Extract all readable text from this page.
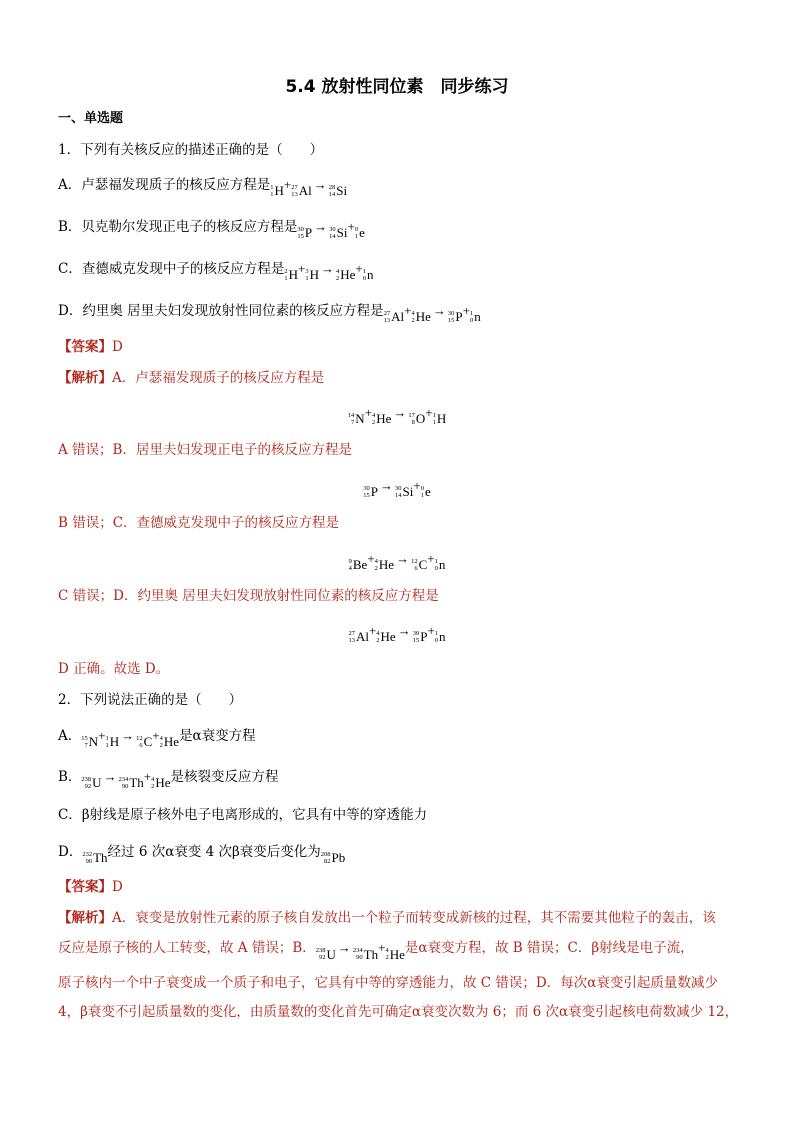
5.4 放射性同位素　同步练习
一、单选题
1．下列有关核反应的描述正确的是（　　）
A．卢瑟福发现质子的核反应方程是 1
1 H + 27
13 Al → 28
14 Si
B．贝克勒尔发现正电子的核反应方程是 30
15 P → 30
14 Si + 0
1 e
C．查德威克发现中子的核反应方程是 2
1 H + 3
1 H → 4
2 He + 1
0 n
D．约里奥 居里夫妇发现放射性同位素的核反应方程是 27
13 Al + 4
2 He → 30
15 P + 1
0 n
【答案】D
【解析】A．卢瑟福发现质子的核反应方程是
14
7 N + 4
2 He → 17
8 O + 1
1 H
A 错误；B．居里夫妇发现正电子的核反应方程是
30
15 P → 30
14 Si + 0
1 e
B 错误；C．查德威克发现中子的核反应方程是
9
4 Be + 4
2 He → 12
6 C + 1
0 n
C 错误；D．约里奥 居里夫妇发现放射性同位素的核反应方程是
27
13 Al + 4
2 He → 30
15 P + 1
0 n
D 正确。故选 D。
2．下列说法正确的是（　　）
A． 15
7 N + 1
1 H → 12
6 C + 4
2 He 是α衰变方程
B． 238
92 U → 234
90 Th + 4
2 He 是核裂变反应方程
C．β射线是原子核外电子电离形成的，它具有中等的穿透能力
D． 232
90 Th 经过 6 次α衰变 4 次β衰变后变化为 208
82 Pb
【答案】D
【解析】A．衰变是放射性元素的原子核自发放出一个粒子而转变成新核的过程，其不需要其他粒子的轰击，该
反应是原子核的人工转变，故 A 错误；B． 238
92 U → 234
90 Th + 4
2 He 是α衰变方程，故 B 错误；C．β射线是电子流，
原子核内一个中子衰变成一个质子和电子，它具有中等的穿透能力，故 C 错误；D．每次α衰变引起质量数减少
4，β衰变不引起质量数的变化，由质量数的变化首先可确定α衰变次数为 6；而 6 次α衰变引起核电荷数减少 12，
